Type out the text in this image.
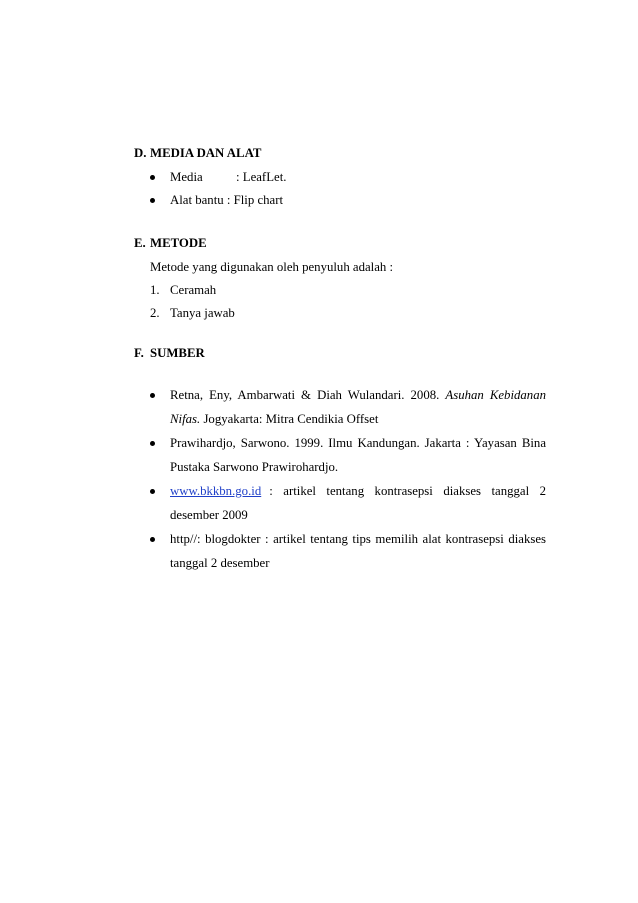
D. MEDIA DAN ALAT
Media	: LeafLet.
Alat bantu : Flip chart
E. METODE
Metode yang digunakan oleh penyuluh adalah :
1. Ceramah
2. Tanya jawab
F. SUMBER
Retna, Eny, Ambarwati & Diah Wulandari. 2008. Asuhan Kebidanan
Nifas. Jogyakarta: Mitra Cendikia Offset
Prawihardjo, Sarwono. 1999. Ilmu Kandungan. Jakarta : Yayasan Bina
Pustaka Sarwono Prawirohardjo.
www.bkkbn.go.id : artikel tentang kontrasepsi diakses tanggal 2
desember 2009
http//: blogdokter : artikel tentang tips memilih alat kontrasepsi diakses
tanggal 2 desember
